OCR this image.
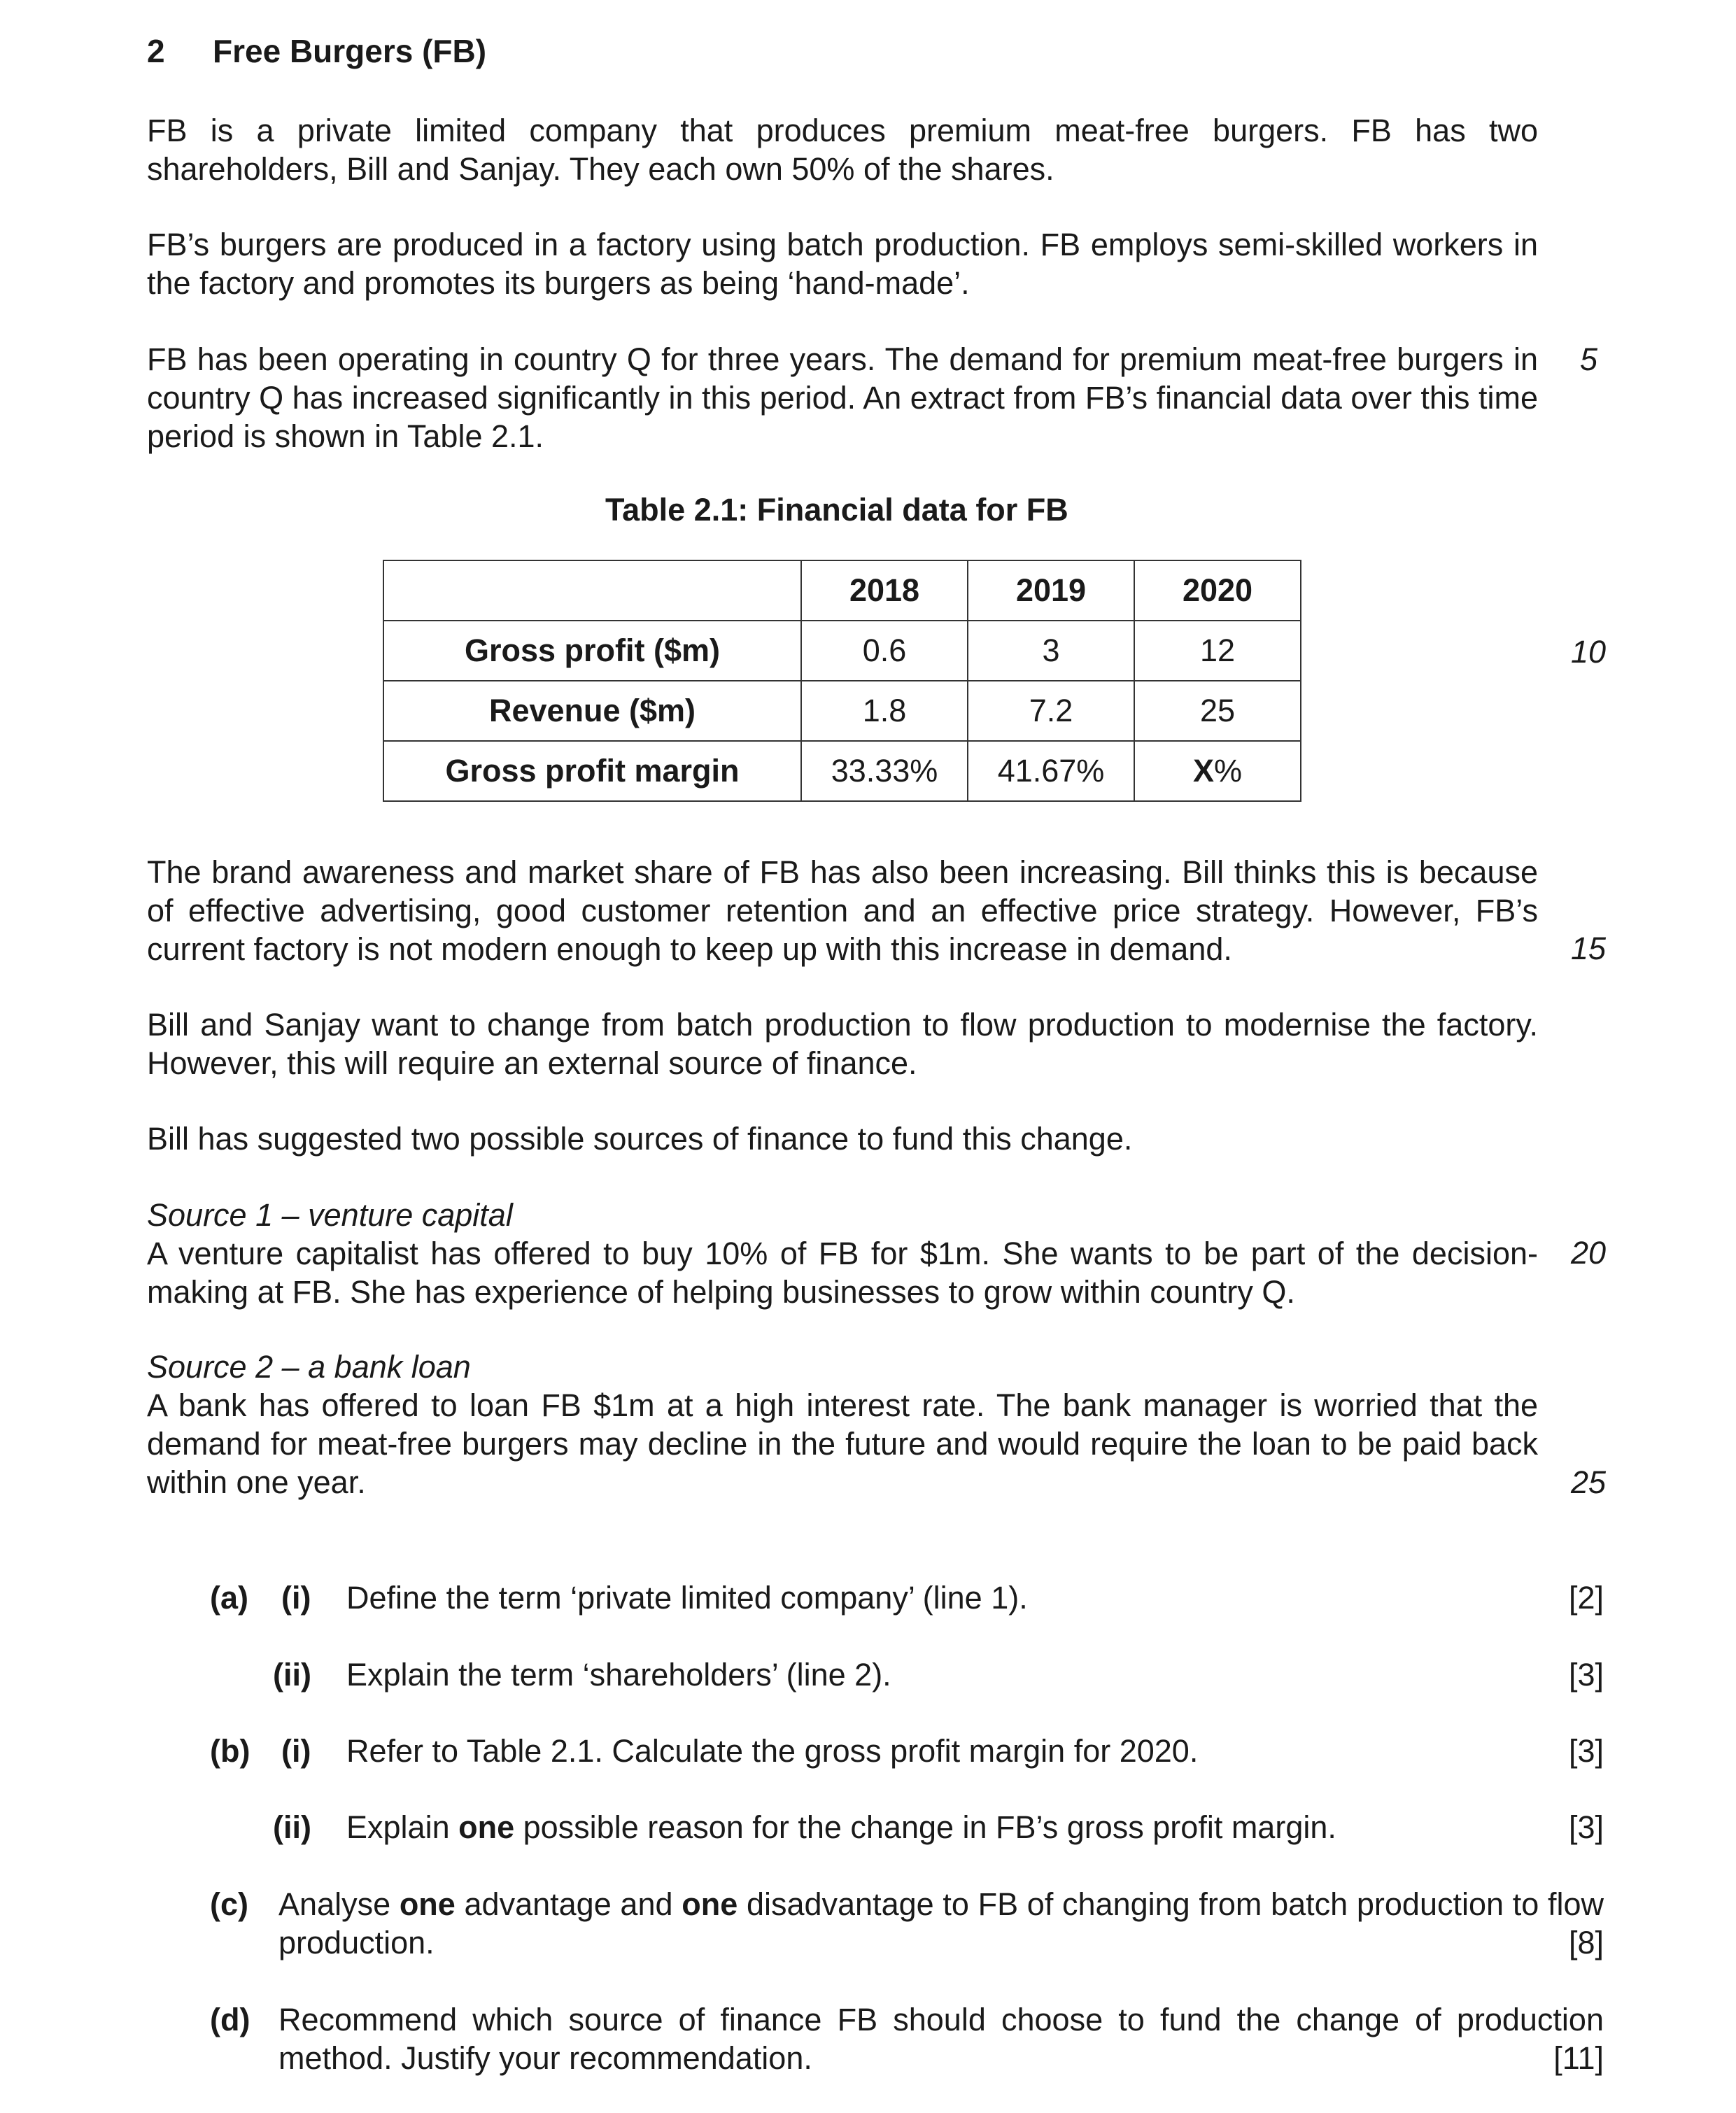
2 Free Burgers (FB)
FB is a private limited company that produces premium meat-free burgers. FB has two shareholders, Bill and Sanjay. They each own 50% of the shares.
FB’s burgers are produced in a factory using batch production. FB employs semi-skilled workers in the factory and promotes its burgers as being ‘hand-made’.
FB has been operating in country Q for three years. The demand for premium meat-free burgers in country Q has increased significantly in this period. An extract from FB’s financial data over this time period is shown in Table 2.1.
5
Table 2.1: Financial data for FB
	2018	2019	2020
Gross profit ($m)	0.6	3	12
Revenue ($m)	1.8	7.2	25
Gross profit margin	33.33%	41.67%	X%
10
The brand awareness and market share of FB has also been increasing. Bill thinks this is because of effective advertising, good customer retention and an effective price strategy. However, FB’s current factory is not modern enough to keep up with this increase in demand.	15
Bill and Sanjay want to change from batch production to flow production to modernise the factory. However, this will require an external source of finance.
Bill has suggested two possible sources of finance to fund this change.
Source 1 – venture capital
A venture capitalist has offered to buy 10% of FB for $1m. She wants to be part of the decision-making at FB. She has experience of helping businesses to grow within country Q.
20
Source 2 – a bank loan
A bank has offered to loan FB $1m at a high interest rate. The bank manager is worried that the demand for meat-free burgers may decline in the future and would require the loan to be paid back within one year.	25
(a) (i) Define the term ‘private limited company’ (line 1).	[2]
(ii) Explain the term ‘shareholders’ (line 2).	[3]
(b) (i) Refer to Table 2.1. Calculate the gross profit margin for 2020.	[3]
(ii) Explain one possible reason for the change in FB’s gross profit margin.	[3]
(c) Analyse one advantage and one disadvantage to FB of changing from batch production to flow production.	[8]
(d) Recommend which source of finance FB should choose to fund the change of production method. Justify your recommendation.	[11]
